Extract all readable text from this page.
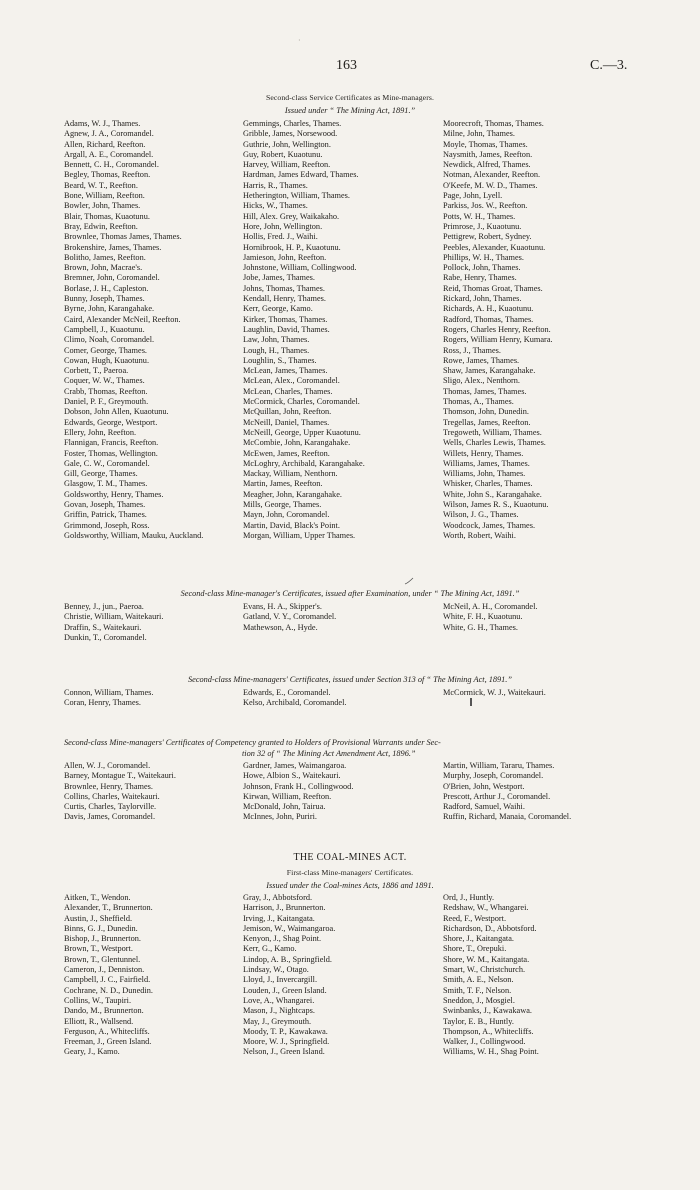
·
163	C.—3.
Second-class Service Certificates as Mine-managers.
Issued under “ The Mining Act, 1891.”
Adams, W. J., Thames.
Agnew, J. A., Coromandel.
Allen, Richard, Reefton.
Argall, A. E., Coromandel.
Bennett, C. H., Coromandel.
Begley, Thomas, Reefton.
Beard, W. T., Reefton.
Bone, William, Reefton.
Bowler, John, Thames.
Blair, Thomas, Kuaotunu.
Bray, Edwin, Reefton.
Brownlee, Thomas James, Thames.
Brokenshire, James, Thames.
Bolitho, James, Reefton.
Brown, John, Macrae's.
Bremner, John, Coromandel.
Borlase, J. H., Capleston.
Bunny, Joseph, Thames.
Byrne, John, Karangahake.
Caird, Alexander McNeil, Reefton.
Campbell, J., Kuaotunu.
Climo, Noah, Coromandel.
Comer, George, Thames.
Cowan, Hugh, Kuaotunu.
Corbett, T., Paeroa.
Coquer, W. W., Thames.
Crabb, Thomas, Reefton.
Daniel, P. F., Greymouth.
Dobson, John Allen, Kuaotunu.
Edwards, George, Westport.
Ellery, John, Reefton.
Flannigan, Francis, Reefton.
Foster, Thomas, Wellington.
Gale, C. W., Coromandel.
Gill, George, Thames.
Glasgow, T. M., Thames.
Goldsworthy, Henry, Thames.
Govan, Joseph, Thames.
Griffin, Patrick, Thames.
Grimmond, Joseph, Ross.
Goldsworthy, William, Mauku, Auckland.
Gemmings, Charles, Thames.
Gribble, James, Norsewood.
Guthrie, John, Wellington.
Guy, Robert, Kuaotunu.
Harvey, William, Reefton.
Hardman, James Edward, Thames.
Harris, R., Thames.
Hetherington, William, Thames.
Hicks, W., Thames.
Hill, Alex. Grey, Waikakaho.
Hore, John, Wellington.
Hollis, Fred. J., Waihi.
Hornibrook, H. P., Kuaotunu.
Jamieson, John, Reefton.
Johnstone, William, Collingwood.
Jobe, James, Thames.
Johns, Thomas, Thames.
Kendall, Henry, Thames.
Kerr, George, Kamo.
Kirker, Thomas, Thames.
Laughlin, David, Thames.
Law, John, Thames.
Lough, H., Thames.
Loughlin, S., Thames.
McLean, James, Thames.
McLean, Alex., Coromandel.
McLean, Charles, Thames.
McCormick, Charles, Coromandel.
McQuillan, John, Reefton.
McNeill, Daniel, Thames.
McNeill, George, Upper Kuaotunu.
McCombie, John, Karangahake.
McEwen, James, Reefton.
McLoghry, Archibald, Karangahake.
Mackay, William, Nenthorn.
Martin, James, Reefton.
Meagher, John, Karangahake.
Mills, George, Thames.
Mayn, John, Coromandel.
Martin, David, Black's Point.
Morgan, William, Upper Thames.
Moorecroft, Thomas, Thames.
Milne, John, Thames.
Moyle, Thomas, Thames.
Naysmith, James, Reefton.
Newdick, Alfred, Thames.
Notman, Alexander, Reefton.
O'Keefe, M. W. D., Thames.
Page, John, Lyell.
Parkiss, Jos. W., Reefton.
Potts, W. H., Thames.
Primrose, J., Kuaotunu.
Pettigrew, Robert, Sydney.
Peebles, Alexander, Kuaotunu.
Phillips, W. H., Thames.
Pollock, John, Thames.
Rabe, Henry, Thames.
Reid, Thomas Groat, Thames.
Rickard, John, Thames.
Richards, A. H., Kuaotunu.
Radford, Thomas, Thames.
Rogers, Charles Henry, Reefton.
Rogers, William Henry, Kumara.
Ross, J., Thames.
Rowe, James, Thames.
Shaw, James, Karangahake.
Sligo, Alex., Nenthorn.
Thomas, James, Thames.
Thomas, A., Thames.
Thomson, John, Dunedin.
Tregellas, James, Reefton.
Tregoweth, William, Thames.
Wells, Charles Lewis, Thames.
Willets, Henry, Thames.
Williams, James, Thames.
Williams, John, Thames.
Whisker, Charles, Thames.
White, John S., Karangahake.
Wilson, James R. S., Kuaotunu.
Wilson, J. G., Thames.
Woodcock, James, Thames.
Worth, Robert, Waihi.
Second-class Mine-manager's Certificates, issued after Examination, under “ The Mining Act, 1891.”
Benney, J., jun., Paeroa.
Christie, William, Waitekauri.
Draffin, S., Waitekauri.
Dunkin, T., Coromandel.
Evans, H. A., Skipper's.
Gatland, V. Y., Coromandel.
Mathewson, A., Hyde.
McNeil, A. H., Coromandel.
White, F. H., Kuaotunu.
White, G. H., Thames.
Second-class Mine-managers' Certificates, issued under Section 313 of “ The Mining Act, 1891.”
Connon, William, Thames.
Coran, Henry, Thames.
Edwards, E., Coromandel.
Kelso, Archibald, Coromandel.
McCormick, W. J., Waitekauri.
Second-class Mine-managers' Certificates of Competency granted to Holders of Provisional Warrants under Sec-
tion 32 of “ The Mining Act Amendment Act, 1896.”
Allen, W. J., Coromandel.
Barney, Montague T., Waitekauri.
Brownlee, Henry, Thames.
Collins, Charles, Waitekauri.
Curtis, Charles, Taylorville.
Davis, James, Coromandel.
Gardner, James, Waimangaroa.
Howe, Albion S., Waitekauri.
Johnson, Frank H., Collingwood.
Kirwan, William, Reefton.
McDonald, John, Tairua.
McInnes, John, Puriri.
Martin, William, Tararu, Thames.
Murphy, Joseph, Coromandel.
O'Brien, John, Westport.
Prescott, Arthur J., Coromandel.
Radford, Samuel, Waihi.
Ruffin, Richard, Manaia, Coromandel.
THE COAL-MINES ACT.
First-class Mine-managers' Certificates.
Issued under the Coal-mines Acts, 1886 and 1891.
Aitken, T., Wendon.
Alexander, T., Brunnerton.
Austin, J., Sheffield.
Binns, G. J., Dunedin.
Bishop, J., Brunnerton.
Brown, T., Westport.
Brown, T., Glentunnel.
Cameron, J., Denniston.
Campbell, J. C., Fairfield.
Cochrane, N. D., Dunedin.
Collins, W., Taupiri.
Dando, M., Brunnerton.
Elliott, R., Wallsend.
Ferguson, A., Whitecliffs.
Freeman, J., Green Island.
Geary, J., Kamo.
Gray, J., Abbotsford.
Harrison, J., Brunnerton.
Irving, J., Kaitangata.
Jemison, W., Waimangaroa.
Kenyon, J., Shag Point.
Kerr, G., Kamo.
Lindop, A. B., Springfield.
Lindsay, W., Otago.
Lloyd, J., Invercargill.
Louden, J., Green Island.
Love, A., Whangarei.
Mason, J., Nightcaps.
May, J., Greymouth.
Moody, T. P., Kawakawa.
Moore, W. J., Springfield.
Nelson, J., Green Island.
Ord, J., Huntly.
Redshaw, W., Whangarei.
Reed, F., Westport.
Richardson, D., Abbotsford.
Shore, J., Kaitangata.
Shore, T., Orepuki.
Shore, W. M., Kaitangata.
Smart, W., Christchurch.
Smith, A. E., Nelson.
Smith, T. F., Nelson.
Sneddon, J., Mosgiel.
Swinbanks, J., Kawakawa.
Taylor, E. B., Huntly.
Thompson, A., Whitecliffs.
Walker, J., Collingwood.
Williams, W. H., Shag Point.
